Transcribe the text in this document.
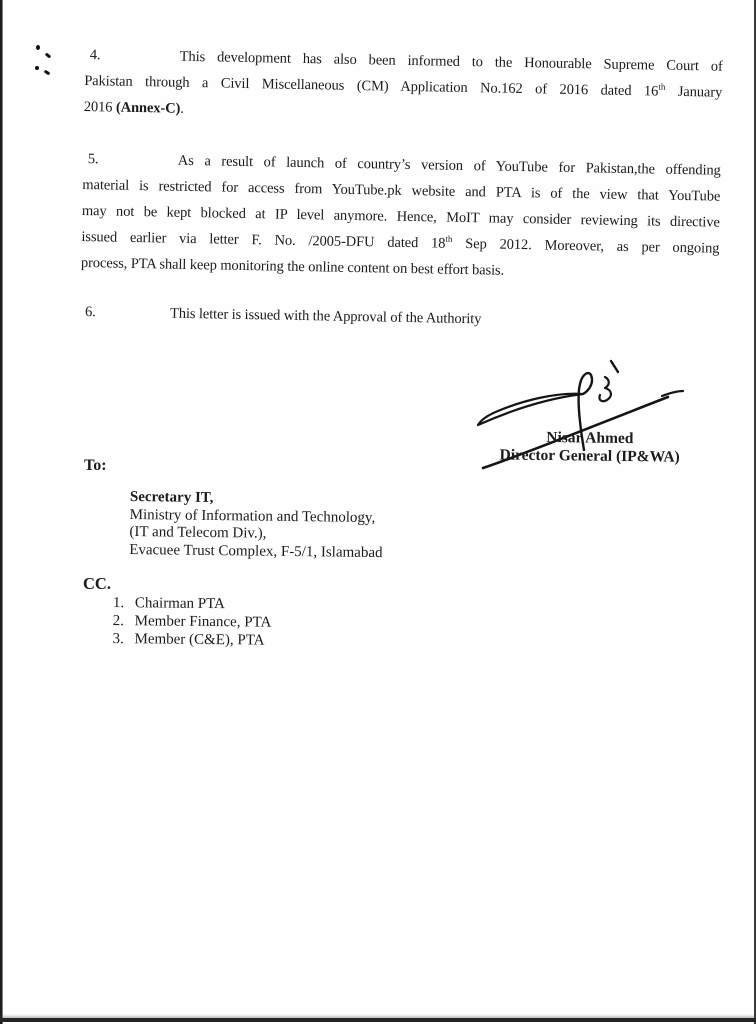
4.	This development has also been informed to the Honourable Supreme Court of
Pakistan through a Civil Miscellaneous (CM) Application No.162 of 2016 dated 16th January
2016 (Annex-C).
5.	As a result of launch of country’s version of YouTube for Pakistan,the offending
material is restricted for access from YouTube.pk website and PTA is of the view that YouTube
may not be kept blocked at IP level anymore. Hence, MoIT may consider reviewing its directive
issued earlier via letter F. No. /2005-DFU dated 18th Sep 2012. Moreover, as per ongoing
process, PTA shall keep monitoring the online content on best effort basis.
6.	This letter is issued with the Approval of the Authority
Nisar Ahmed
Director General (IP&WA)
To:
Secretary IT,
Ministry of Information and Technology,
(IT and Telecom Div.),
Evacuee Trust Complex, F-5/1, Islamabad
CC.
1. Chairman PTA
2. Member Finance, PTA
3. Member (C&E), PTA
